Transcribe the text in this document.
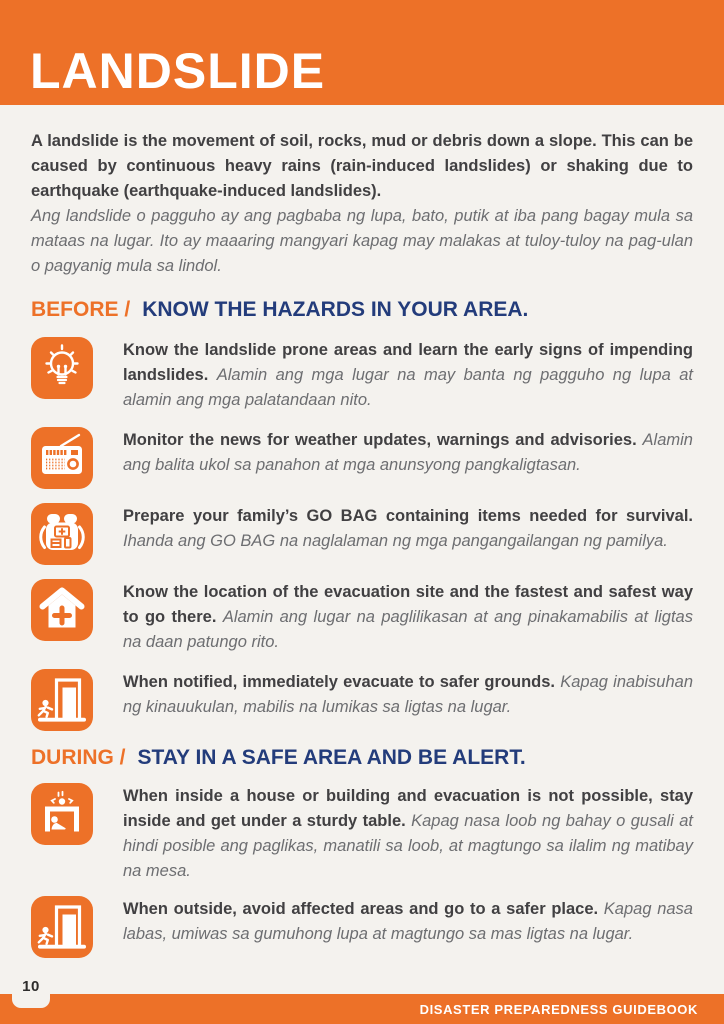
LANDSLIDE

A landslide is the movement of soil, rocks, mud or debris down a slope. This can be caused by continuous heavy rains (rain-induced landslides) or shaking due to earthquake (earthquake-induced landslides).

Ang landslide o pagguho ay ang pagbaba ng lupa, bato, putik at iba pang bagay mula sa mataas na lugar. Ito ay maaaring mangyari kapag may malakas at tuloy-tuloy na pag-ulan o pagyanig mula sa lindol.

BEFORE / KNOW THE HAZARDS IN YOUR AREA.

Know the landslide prone areas and learn the early signs of impending landslides. Alamin ang mga lugar na may banta ng pagguho ng lupa at alamin ang mga palatandaan nito.

Monitor the news for weather updates, warnings and advisories. Alamin ang balita ukol sa panahon at mga anunsyong pangkaligtasan.

Prepare your family’s GO BAG containing items needed for survival. Ihanda ang GO BAG na naglalaman ng mga pangangailangan ng pamilya.

Know the location of the evacuation site and the fastest and safest way to go there. Alamin ang lugar na paglilikasan at ang pinakamabilis at ligtas na daan patungo rito.

When notified, immediately evacuate to safer grounds. Kapag inabisuhan ng kinauukulan, mabilis na lumikas sa ligtas na lugar.

DURING / STAY IN A SAFE AREA AND BE ALERT.

When inside a house or building and evacuation is not possible, stay inside and get under a sturdy table. Kapag nasa loob ng bahay o gusali at hindi posible ang paglikas, manatili sa loob, at magtungo sa ilalim ng matibay na mesa.

When outside, avoid affected areas and go to a safer place. Kapag nasa labas, umiwas sa gumuhong lupa at magtungo sa mas ligtas na lugar.

10
DISASTER PREPAREDNESS GUIDEBOOK
